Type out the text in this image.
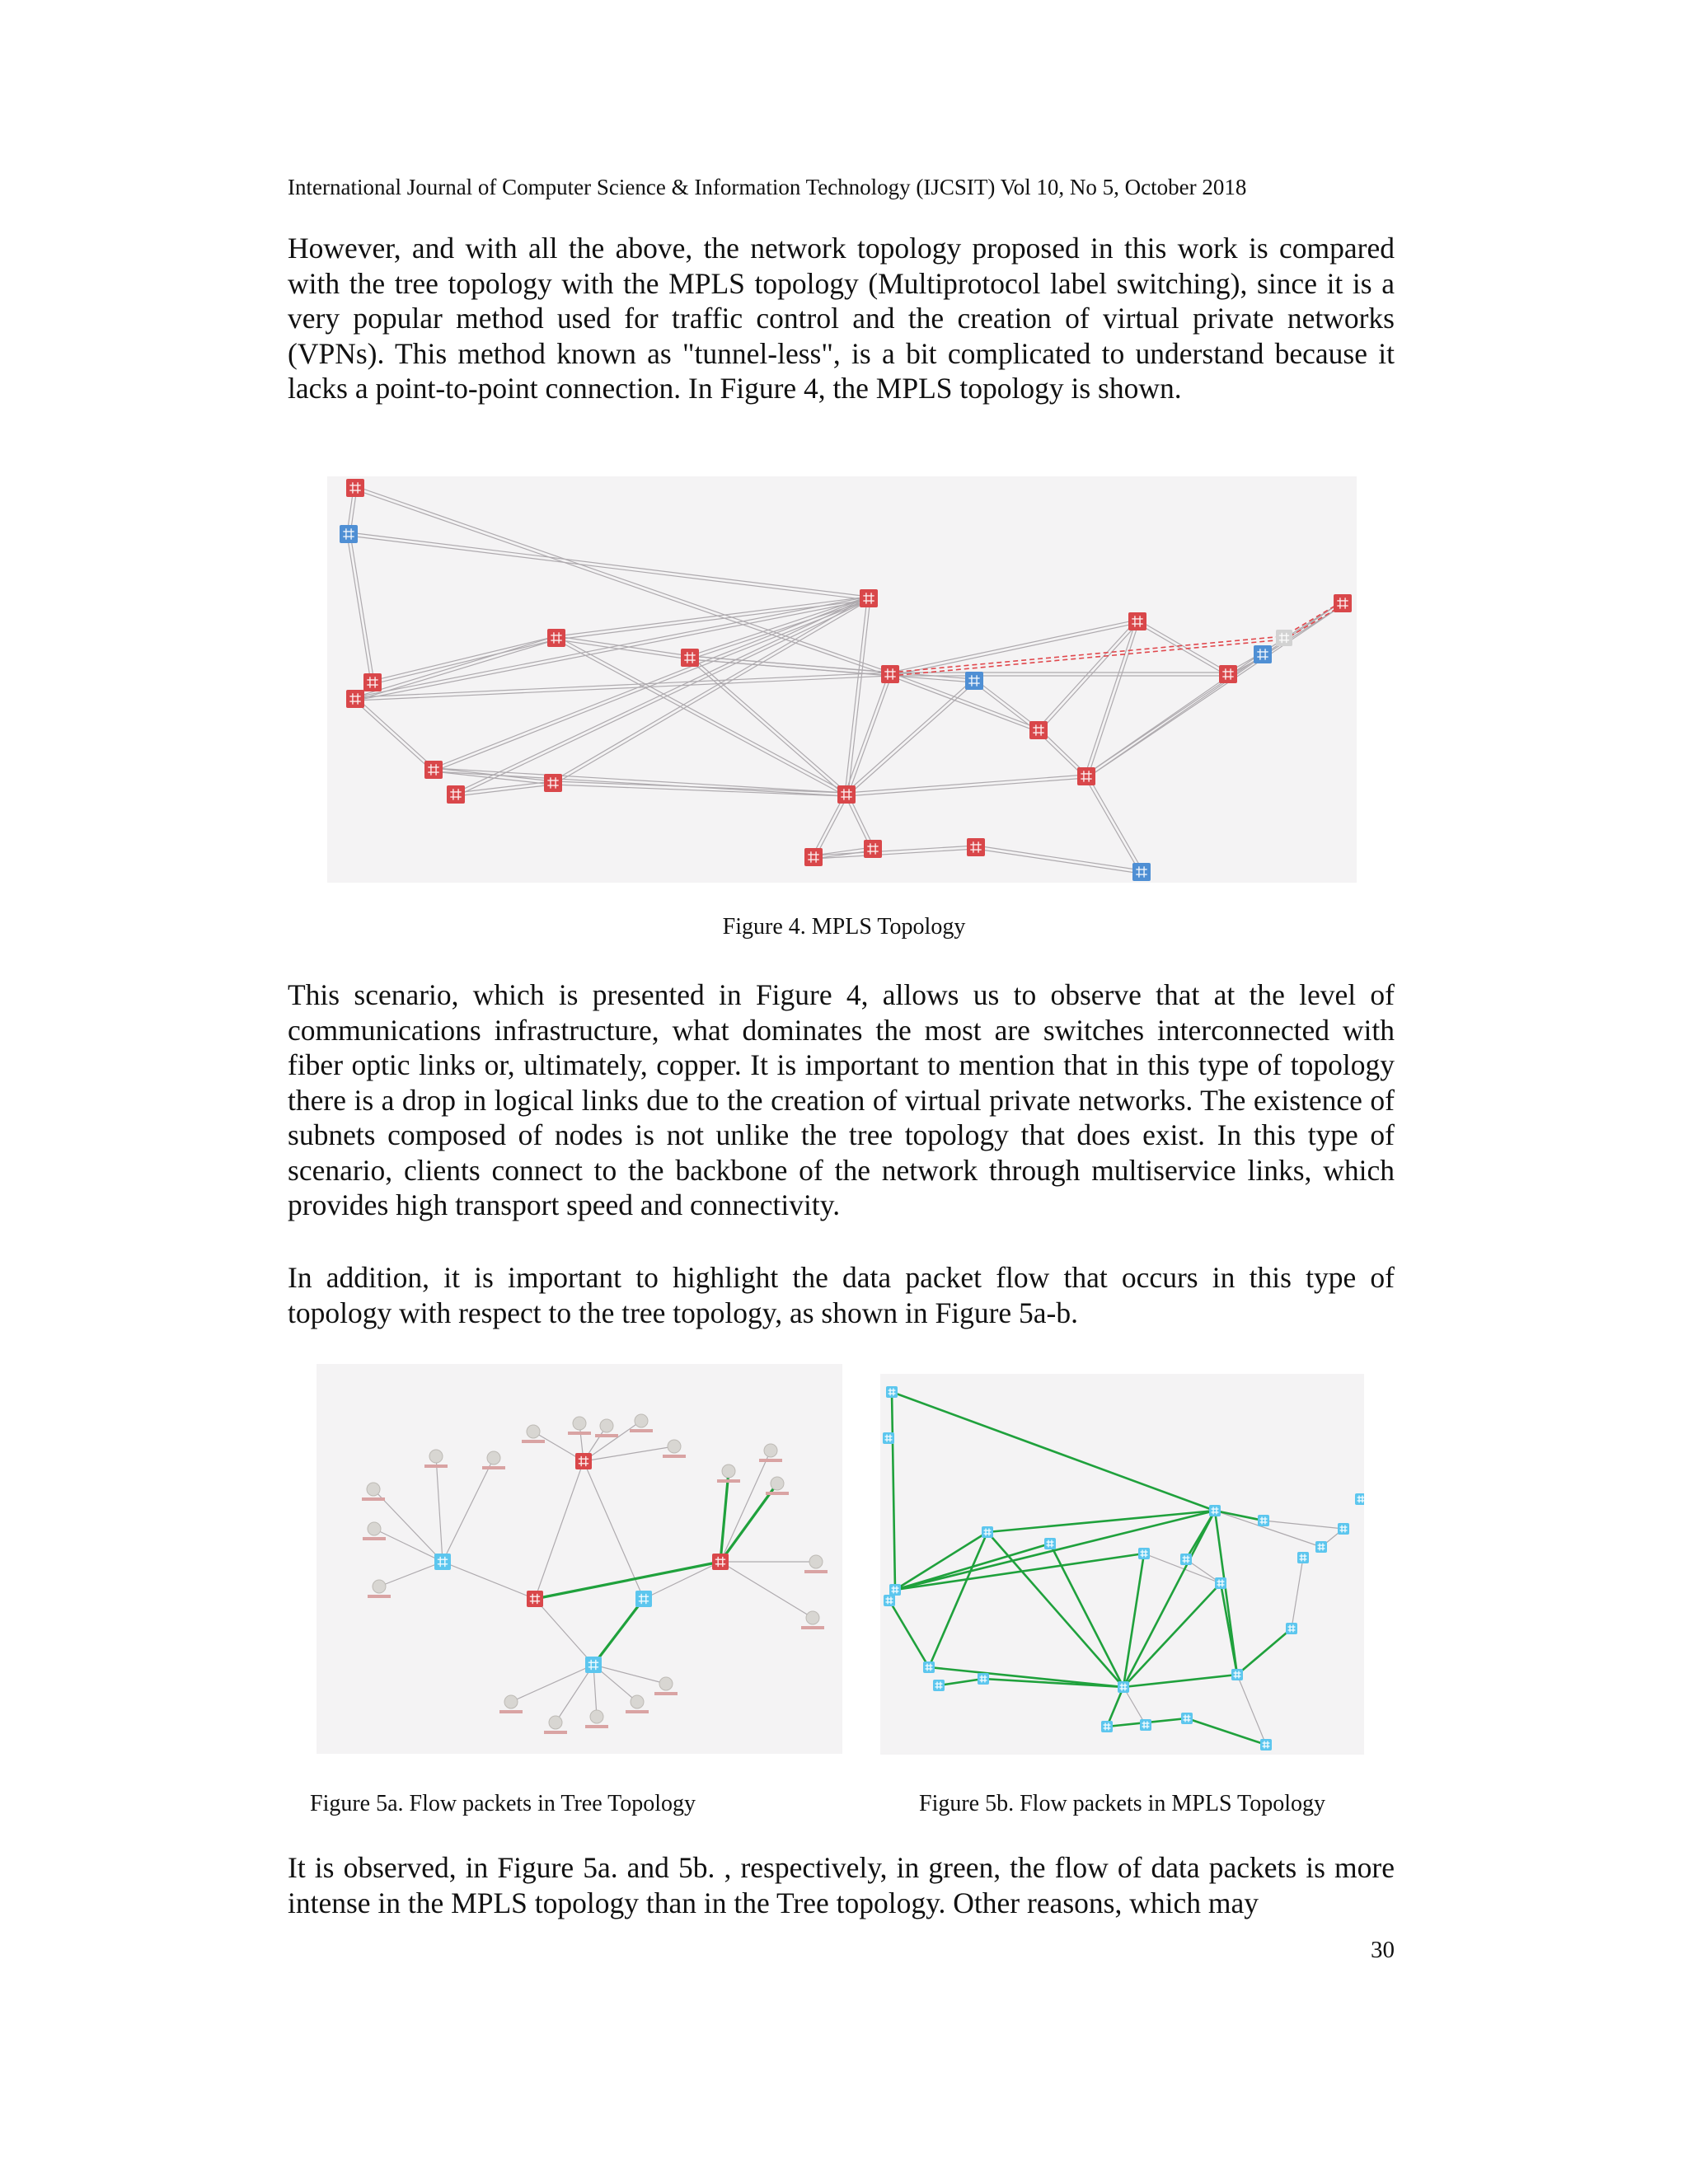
International Journal of Computer Science & Information Technology (IJCSIT) Vol 10, No 5, October 2018

However, and with all the above, the network topology proposed in this work is compared with the tree topology with the MPLS topology (Multiprotocol label switching), since it is a very popular method used for traffic control and the creation of virtual private networks (VPNs). This method known as "tunnel-less", is a bit complicated to understand because it lacks a point-to-point connection. In Figure 4, the MPLS topology is shown.

Figure 4. MPLS Topology

This scenario, which is presented in Figure 4, allows us to observe that at the level of communications infrastructure, what dominates the most are switches interconnected with fiber optic links or, ultimately, copper. It is important to mention that in this type of topology there is a drop in logical links due to the creation of virtual private networks. The existence of subnets composed of nodes is not unlike the tree topology that does exist. In this type of scenario, clients connect to the backbone of the network through multiservice links, which provides high transport speed and connectivity.

In addition, it is important to highlight the data packet flow that occurs in this type of topology with respect to the tree topology, as shown in Figure 5a-b.

Figure 5a. Flow packets in Tree Topology	Figure 5b. Flow packets in MPLS Topology

It is observed, in Figure 5a. and 5b. , respectively, in green, the flow of data packets is more intense in the MPLS topology than in the Tree topology. Other reasons, which may

30
